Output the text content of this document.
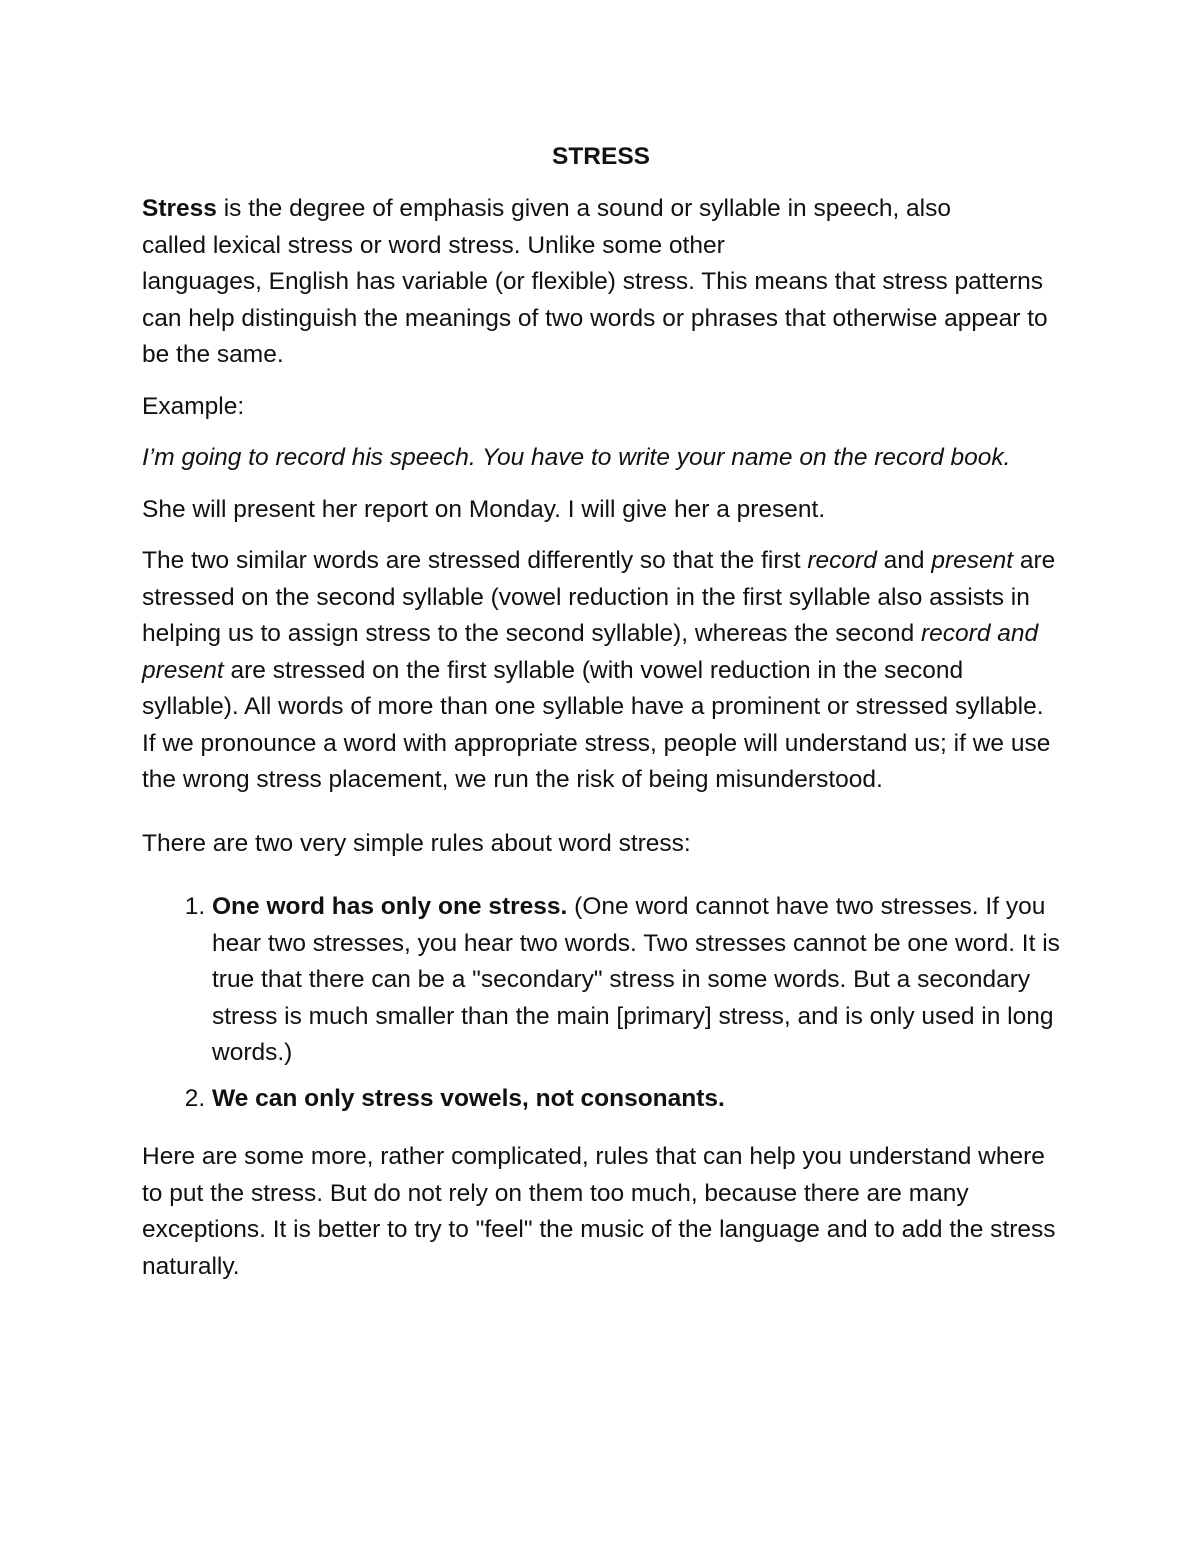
STRESS

Stress is the degree of emphasis given a sound or syllable in speech, also
called lexical stress or word stress. Unlike some other
languages, English has variable (or flexible) stress. This means that stress patterns can help distinguish the meanings of two words or phrases that otherwise appear to be the same.

Example:

I’m going to record his speech. You have to write your name on the record book.

She will present her report on Monday. I will give her a present.

The two similar words are stressed differently so that the first record and present are stressed on the second syllable (vowel reduction in the first syllable also assists in helping us to assign stress to the second syllable), whereas the second record and present are stressed on the first syllable (with vowel reduction in the second syllable). All words of more than one syllable have a prominent or stressed syllable. If we pronounce a word with appropriate stress, people will understand us; if we use the wrong stress placement, we run the risk of being misunderstood.

There are two very simple rules about word stress:

1. One word has only one stress. (One word cannot have two stresses. If you hear two stresses, you hear two words. Two stresses cannot be one word. It is true that there can be a "secondary" stress in some words. But a secondary stress is much smaller than the main [primary] stress, and is only used in long words.)
2. We can only stress vowels, not consonants.

Here are some more, rather complicated, rules that can help you understand where to put the stress. But do not rely on them too much, because there are many exceptions. It is better to try to "feel" the music of the language and to add the stress naturally.
